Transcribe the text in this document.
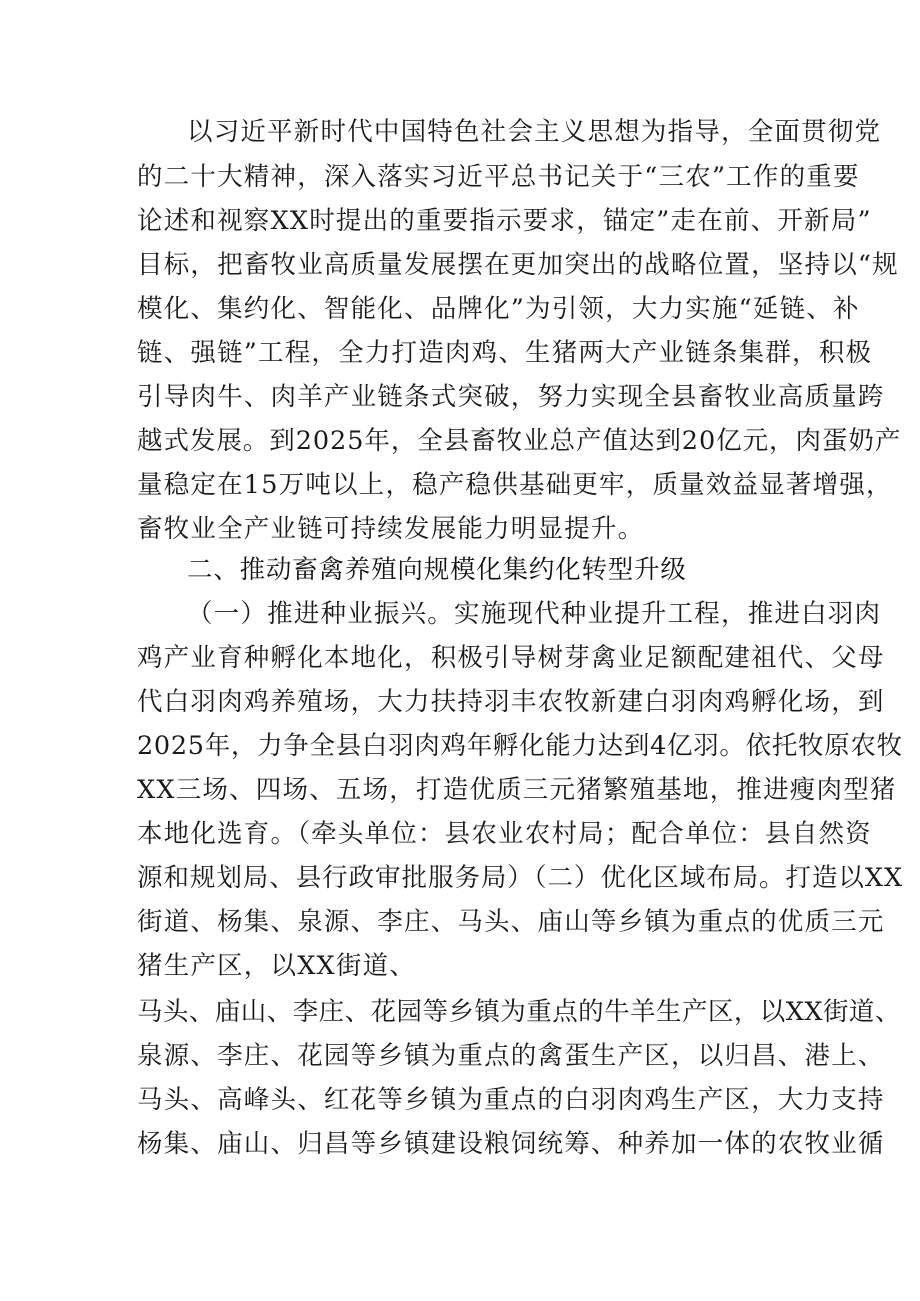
以习近平新时代中国特色社会主义思想为指导，全面贯彻党
的二十大精神，深入落实习近平总书记关于“三农”工作的重要
论述和视察XX时提出的重要指示要求，锚定”走在前、开新局”
目标，把畜牧业高质量发展摆在更加突出的战略位置，坚持以“规
模化、集约化、智能化、品牌化”为引领，大力实施“延链、补
链、强链”工程，全力打造肉鸡、生猪两大产业链条集群，积极
引导肉牛、肉羊产业链条式突破，努力实现全县畜牧业高质量跨
越式发展。到2025年，全县畜牧业总产值达到20亿元，肉蛋奶产
量稳定在15万吨以上，稳产稳供基础更牢，质量效益显著增强，
畜牧业全产业链可持续发展能力明显提升。
二、推动畜禽养殖向规模化集约化转型升级
（一）推进种业振兴。实施现代种业提升工程，推进白羽肉
鸡产业育种孵化本地化，积极引导树芽禽业足额配建祖代、父母
代白羽肉鸡养殖场，大力扶持羽丰农牧新建白羽肉鸡孵化场，到
2025年，力争全县白羽肉鸡年孵化能力达到4亿羽。依托牧原农牧
XX三场、四场、五场，打造优质三元猪繁殖基地，推进瘦肉型猪
本地化选育。（牵头单位：县农业农村局；配合单位：县自然资
源和规划局、县行政审批服务局）（二）优化区域布局。打造以XX
街道、杨集、泉源、李庄、马头、庙山等乡镇为重点的优质三元
猪生产区，以XX街道、
马头、庙山、李庄、花园等乡镇为重点的牛羊生产区，以XX街道、
泉源、李庄、花园等乡镇为重点的禽蛋生产区，以归昌、港上、
马头、高峰头、红花等乡镇为重点的白羽肉鸡生产区，大力支持
杨集、庙山、归昌等乡镇建设粮饲统筹、种养加一体的农牧业循
